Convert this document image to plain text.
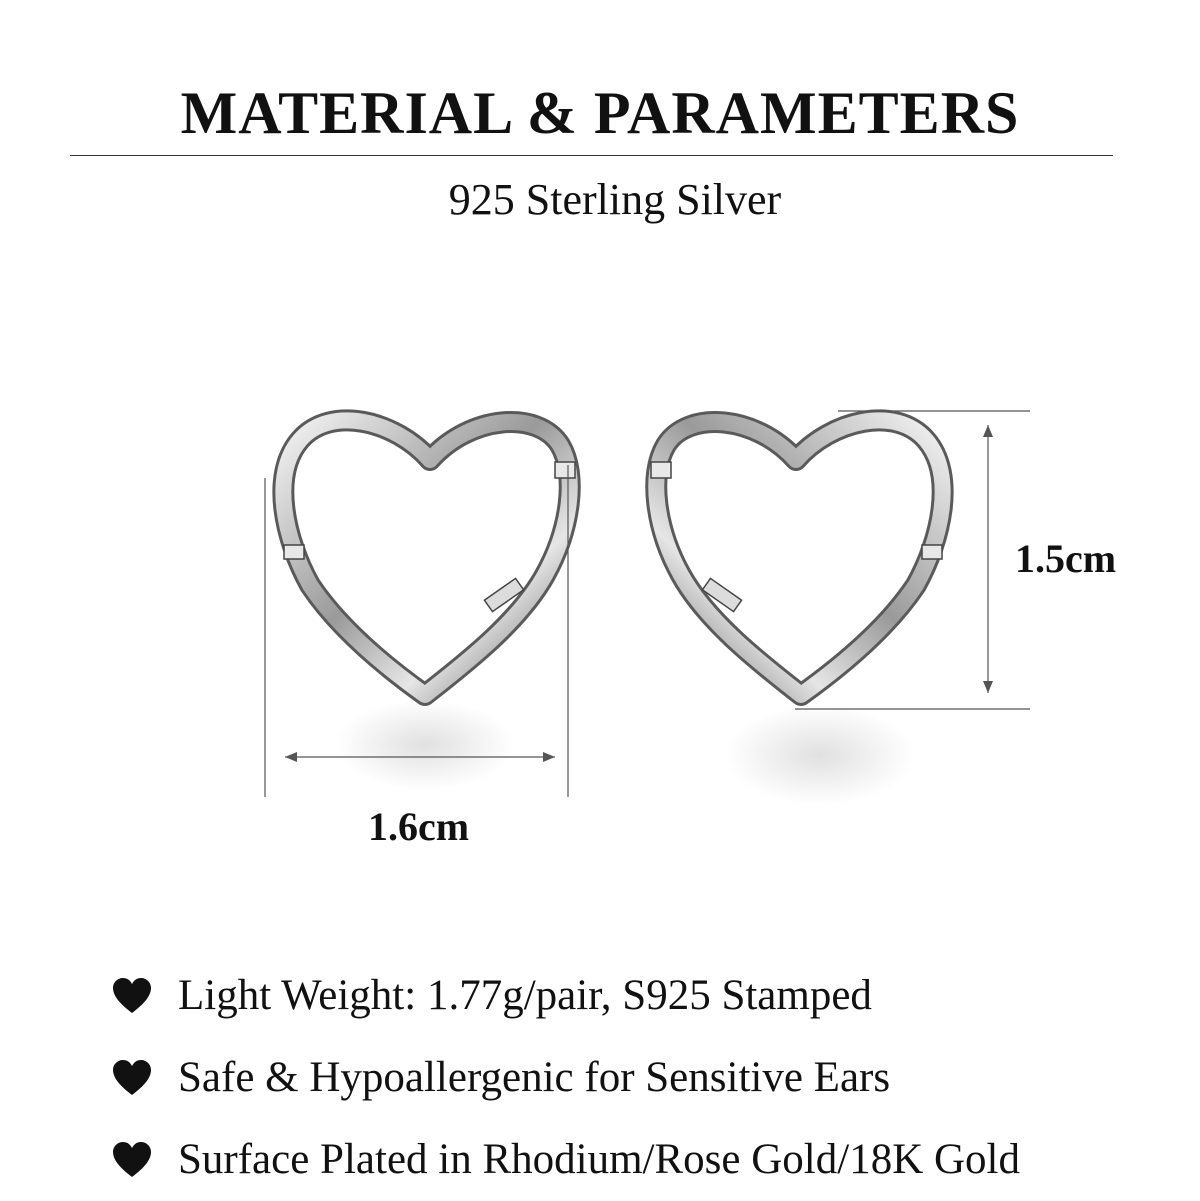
MATERIAL & PARAMETERS
925 Sterling Silver
1.6cm
1.5cm
Light Weight: 1.77g/pair, S925 Stamped
Safe & Hypoallergenic for Sensitive Ears
Surface Plated in Rhodium/Rose Gold/18K Gold
